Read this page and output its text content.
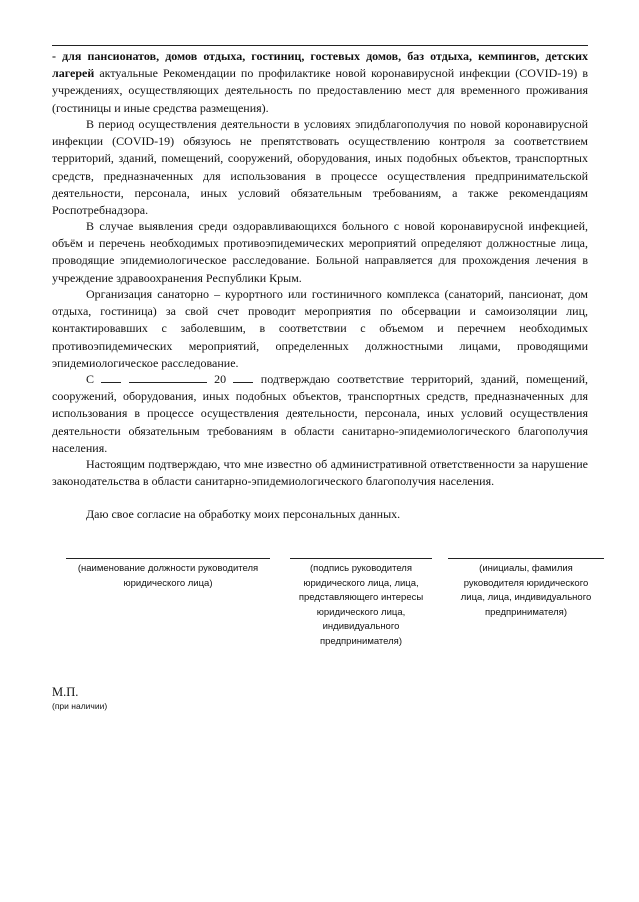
- для пансионатов, домов отдыха, гостиниц, гостевых домов, баз отдыха, кемпингов, детских лагерей актуальные Рекомендации по профилактике новой коронавирусной инфекции (COVID-19) в учреждениях, осуществляющих деятельность по предоставлению мест для временного проживания (гостиницы и иные средства размещения).

В период осуществления деятельности в условиях эпидблагополучия по новой коронавирусной инфекции (COVID-19) обязуюсь не препятствовать осуществлению контроля за соответствием территорий, зданий, помещений, сооружений, оборудования, иных подобных объектов, транспортных средств, предназначенных для использования в процессе осуществления предпринимательской деятельности, персонала, иных условий обязательным требованиям, а также рекомендациям Роспотребнадзора.

В случае выявления среди оздоравливающихся больного с новой коронавирусной инфекцией, объём и перечень необходимых противоэпидемических мероприятий определяют должностные лица, проводящие эпидемиологическое расследование. Больной направляется для прохождения лечения в учреждение здравоохранения Республики Крым.

Организация санаторно – курортного или гостиничного комплекса (санаторий, пансионат, дом отдыха, гостиница) за свой счет проводит мероприятия по обсервации и самоизоляции лиц, контактировавших с заболевшим, в соответствии с объемом и перечнем необходимых противоэпидемических мероприятий, определенных должностными лицами, проводящими эпидемиологическое расследование.

С	20  подтверждаю соответствие территорий, зданий, помещений, сооружений, оборудования, иных подобных объектов, транспортных средств, предназначенных для использования в процессе осуществления деятельности, персонала, иных условий осуществления деятельности обязательным требованиям в области санитарно-эпидемиологического благополучия населения.

Настоящим подтверждаю, что мне известно об административной ответственности за нарушение законодательства в области санитарно-эпидемиологического благополучия населения.

Даю свое согласие на обработку моих персональных данных.

(наименование должности руководителя
юридического лица)
(подпись руководителя
юридического лица, лица,
представляющего интересы
юридического лица,
индивидуального
предпринимателя)
(инициалы, фамилия
руководителя юридического
лица, лица, индивидуального
предпринимателя)
М.П.
(при наличии)
